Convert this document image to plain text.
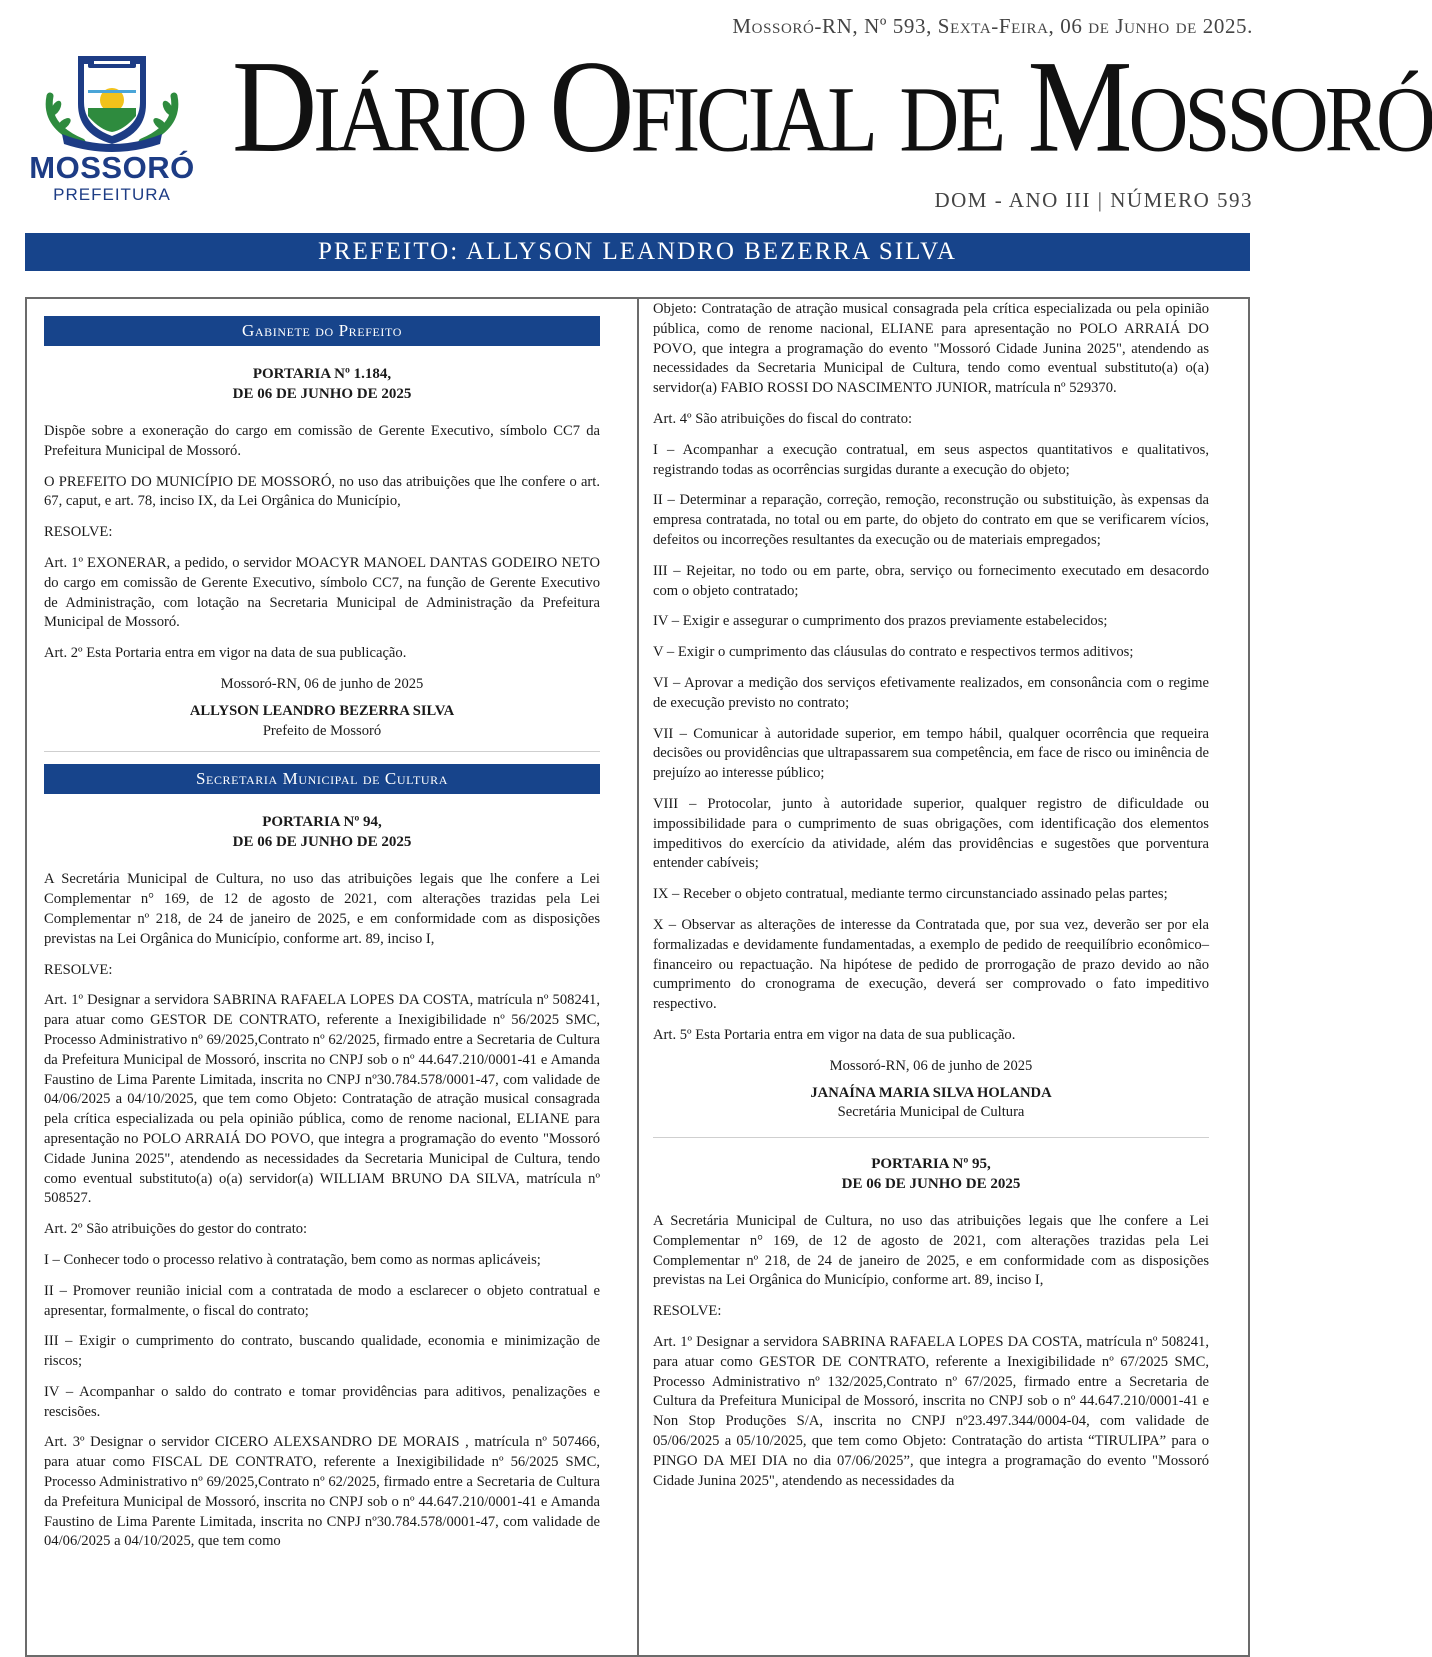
MOSSORÓ
PREFEITURA
Mossoró-RN, Nº 593, Sexta-Feira, 06 de Junho de 2025.
Diário Oficial de Mossoró
DOM - ANO III | NÚMERO 593
PREFEITO: ALLYSON LEANDRO BEZERRA SILVA
Gabinete do Prefeito
PORTARIA Nº 1.184,
DE 06 DE JUNHO DE 2025

Dispõe sobre a exoneração do cargo em comissão de Gerente Executivo, símbolo CC7 da Prefeitura Municipal de Mossoró.

O PREFEITO DO MUNICÍPIO DE MOSSORÓ, no uso das atribuições que lhe confere o art. 67, caput, e art. 78, inciso IX, da Lei Orgânica do Município,

RESOLVE:

Art. 1º EXONERAR, a pedido, o servidor MOACYR MANOEL DANTAS GODEIRO NETO do cargo em comissão de Gerente Executivo, símbolo CC7, na função de Gerente Executivo de Administração, com lotação na Secretaria Municipal de Administração da Prefeitura Municipal de Mossoró.

Art. 2º Esta Portaria entra em vigor na data de sua publicação.

Mossoró-RN, 06 de junho de 2025
ALLYSON LEANDRO BEZERRA SILVA
Prefeito de Mossoró
Secretaria Municipal de Cultura
PORTARIA Nº 94,
DE 06 DE JUNHO DE 2025

A Secretária Municipal de Cultura, no uso das atribuições legais que lhe confere a Lei Complementar n° 169, de 12 de agosto de 2021, com alterações trazidas pela Lei Complementar nº 218, de 24 de janeiro de 2025, e em conformidade com as disposições previstas na Lei Orgânica do Município, conforme art. 89, inciso I,

RESOLVE:

Art. 1º Designar a servidora SABRINA RAFAELA LOPES DA COSTA, matrícula nº 508241, para atuar como GESTOR DE CONTRATO, referente a Inexigibilidade nº 56/2025 SMC, Processo Administrativo nº 69/2025,Contrato nº 62/2025, firmado entre a Secretaria de Cultura da Prefeitura Municipal de Mossoró, inscrita no CNPJ sob o nº 44.647.210/0001-41 e Amanda Faustino de Lima Parente Limitada, inscrita no CNPJ nº30.784.578/0001-47, com validade de 04/06/2025 a 04/10/2025, que tem como Objeto: Contratação de atração musical consagrada pela crítica especializada ou pela opinião pública, como de renome nacional, ELIANE para apresentação no POLO ARRAIÁ DO POVO, que integra a programação do evento "Mossoró Cidade Junina 2025", atendendo as necessidades da Secretaria Municipal de Cultura, tendo como eventual substituto(a) o(a) servidor(a) WILLIAM BRUNO DA SILVA, matrícula nº 508527.

Art. 2º São atribuições do gestor do contrato:

I – Conhecer todo o processo relativo à contratação, bem como as normas aplicáveis;

II – Promover reunião inicial com a contratada de modo a esclarecer o objeto contratual e apresentar, formalmente, o fiscal do contrato;

III – Exigir o cumprimento do contrato, buscando qualidade, economia e minimização de riscos;

IV – Acompanhar o saldo do contrato e tomar providências para aditivos, penalizações e rescisões.

Art. 3º Designar o servidor CICERO ALEXSANDRO DE MORAIS , matrícula nº 507466, para atuar como FISCAL DE CONTRATO, referente a Inexigibilidade nº 56/2025 SMC, Processo Administrativo nº 69/2025,Contrato nº 62/2025, firmado entre a Secretaria de Cultura da Prefeitura Municipal de Mossoró, inscrita no CNPJ sob o nº 44.647.210/0001-41 e Amanda Faustino de Lima Parente Limitada, inscrita no CNPJ nº30.784.578/0001-47, com validade de 04/06/2025 a 04/10/2025, que tem como

Objeto: Contratação de atração musical consagrada pela crítica especializada ou pela opinião pública, como de renome nacional, ELIANE para apresentação no POLO ARRAIÁ DO POVO, que integra a programação do evento "Mossoró Cidade Junina 2025", atendendo as necessidades da Secretaria Municipal de Cultura, tendo como eventual substituto(a) o(a) servidor(a) FABIO ROSSI DO NASCIMENTO JUNIOR, matrícula nº 529370.

Art. 4º São atribuições do fiscal do contrato:

I – Acompanhar a execução contratual, em seus aspectos quantitativos e qualitativos, registrando todas as ocorrências surgidas durante a execução do objeto;

II – Determinar a reparação, correção, remoção, reconstrução ou substituição, às expensas da empresa contratada, no total ou em parte, do objeto do contrato em que se verificarem vícios, defeitos ou incorreções resultantes da execução ou de materiais empregados;

III – Rejeitar, no todo ou em parte, obra, serviço ou fornecimento executado em desacordo com o objeto contratado;

IV – Exigir e assegurar o cumprimento dos prazos previamente estabelecidos;

V – Exigir o cumprimento das cláusulas do contrato e respectivos termos aditivos;

VI – Aprovar a medição dos serviços efetivamente realizados, em consonância com o regime de execução previsto no contrato;

VII – Comunicar à autoridade superior, em tempo hábil, qualquer ocorrência que requeira decisões ou providências que ultrapassarem sua competência, em face de risco ou iminência de prejuízo ao interesse público;

VIII – Protocolar, junto à autoridade superior, qualquer registro de dificuldade ou impossibilidade para o cumprimento de suas obrigações, com identificação dos elementos impeditivos do exercício da atividade, além das providências e sugestões que porventura entender cabíveis;

IX – Receber o objeto contratual, mediante termo circunstanciado assinado pelas partes;

X – Observar as alterações de interesse da Contratada que, por sua vez, deverão ser por ela formalizadas e devidamente fundamentadas, a exemplo de pedido de reequilíbrio econômico–financeiro ou repactuação. Na hipótese de pedido de prorrogação de prazo devido ao não cumprimento do cronograma de execução, deverá ser comprovado o fato impeditivo respectivo.

Art. 5º Esta Portaria entra em vigor na data de sua publicação.

Mossoró-RN, 06 de junho de 2025
JANAÍNA MARIA SILVA HOLANDA
Secretária Municipal de Cultura
PORTARIA Nº 95,
DE 06 DE JUNHO DE 2025

A Secretária Municipal de Cultura, no uso das atribuições legais que lhe confere a Lei Complementar n° 169, de 12 de agosto de 2021, com alterações trazidas pela Lei Complementar nº 218, de 24 de janeiro de 2025, e em conformidade com as disposições previstas na Lei Orgânica do Município, conforme art. 89, inciso I,

RESOLVE:

Art. 1º Designar a servidora SABRINA RAFAELA LOPES DA COSTA, matrícula nº 508241, para atuar como GESTOR DE CONTRATO, referente a Inexigibilidade nº 67/2025 SMC, Processo Administrativo nº 132/2025,Contrato nº 67/2025, firmado entre a Secretaria de Cultura da Prefeitura Municipal de Mossoró, inscrita no CNPJ sob o nº 44.647.210/0001-41 e Non Stop Produções S/A, inscrita no CNPJ nº23.497.344/0004-04, com validade de 05/06/2025 a 05/10/2025, que tem como Objeto: Contratação do artista “TIRULIPA” para o PINGO DA MEI DIA no dia 07/06/2025”, que integra a programação do evento "Mossoró Cidade Junina 2025", atendendo as necessidades da
